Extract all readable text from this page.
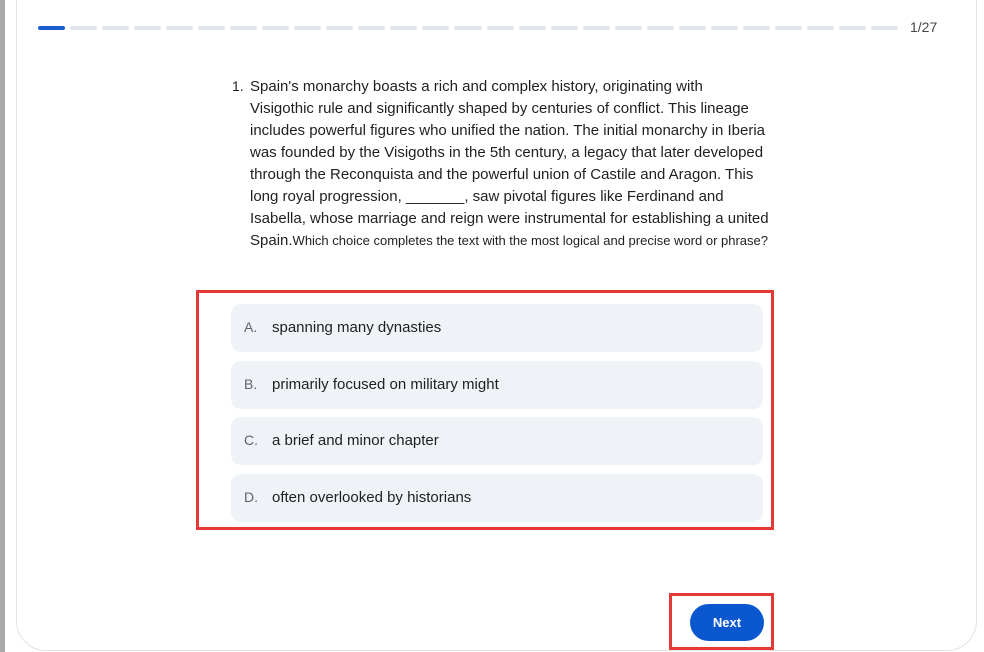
1/27
1. Spain's monarchy boasts a rich and complex history, originating with Visigothic rule and significantly shaped by centuries of conflict. This lineage includes powerful figures who unified the nation. The initial monarchy in Iberia was founded by the Visigoths in the 5th century, a legacy that later developed through the Reconquista and the powerful union of Castile and Aragon. This long royal progression, _______, saw pivotal figures like Ferdinand and Isabella, whose marriage and reign were instrumental for establishing a united Spain.Which choice completes the text with the most logical and precise word or phrase?
A. spanning many dynasties
B. primarily focused on military might
C. a brief and minor chapter
D. often overlooked by historians
Next
